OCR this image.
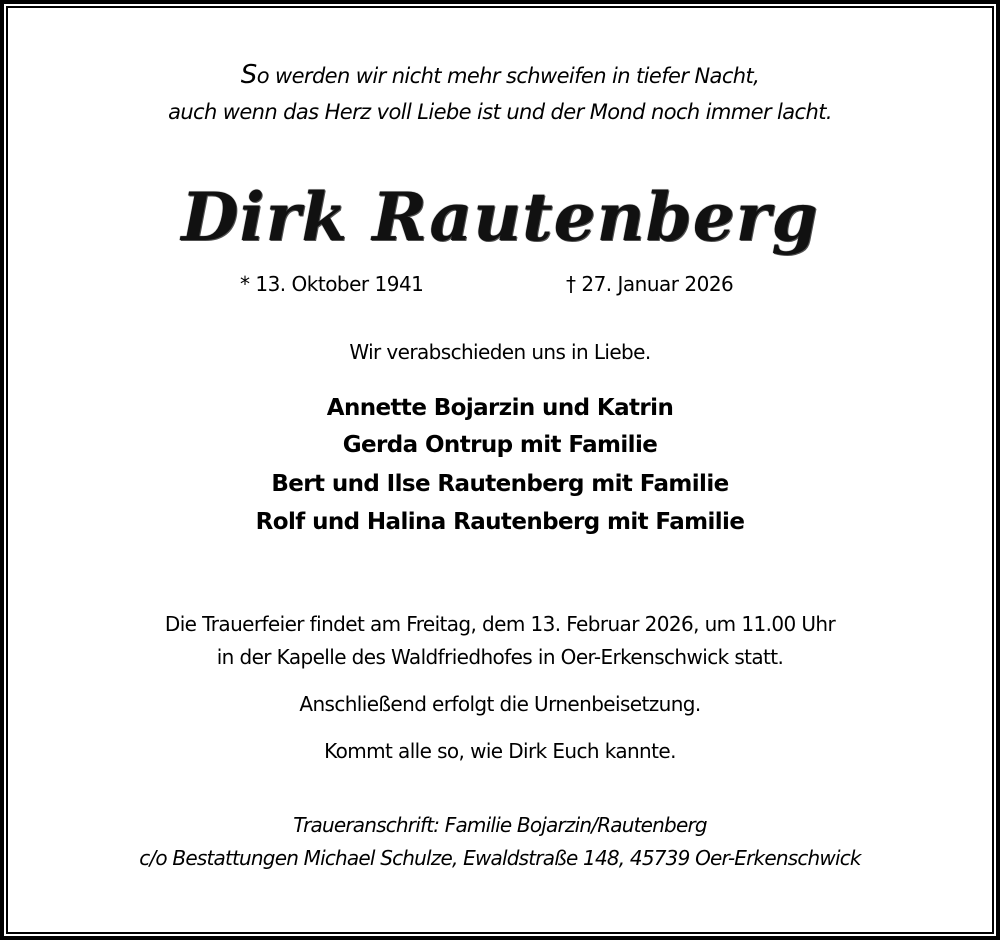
So werden wir nicht mehr schweifen in tiefer Nacht,
auch wenn das Herz voll Liebe ist und der Mond noch immer lacht.
Dirk Rautenberg
* 13. Oktober 1941	† 27. Januar 2026
Wir verabschieden uns in Liebe.
Annette Bojarzin und Katrin
Gerda Ontrup mit Familie
Bert und Ilse Rautenberg mit Familie
Rolf und Halina Rautenberg mit Familie
Die Trauerfeier findet am Freitag, dem 13. Februar 2026, um 11.00 Uhr
in der Kapelle des Waldfriedhofes in Oer-Erkenschwick statt.
Anschließend erfolgt die Urnenbeisetzung.
Kommt alle so, wie Dirk Euch kannte.
Traueranschrift: Familie Bojarzin/Rautenberg
c/o Bestattungen Michael Schulze, Ewaldstraße 148, 45739 Oer-Erkenschwick
